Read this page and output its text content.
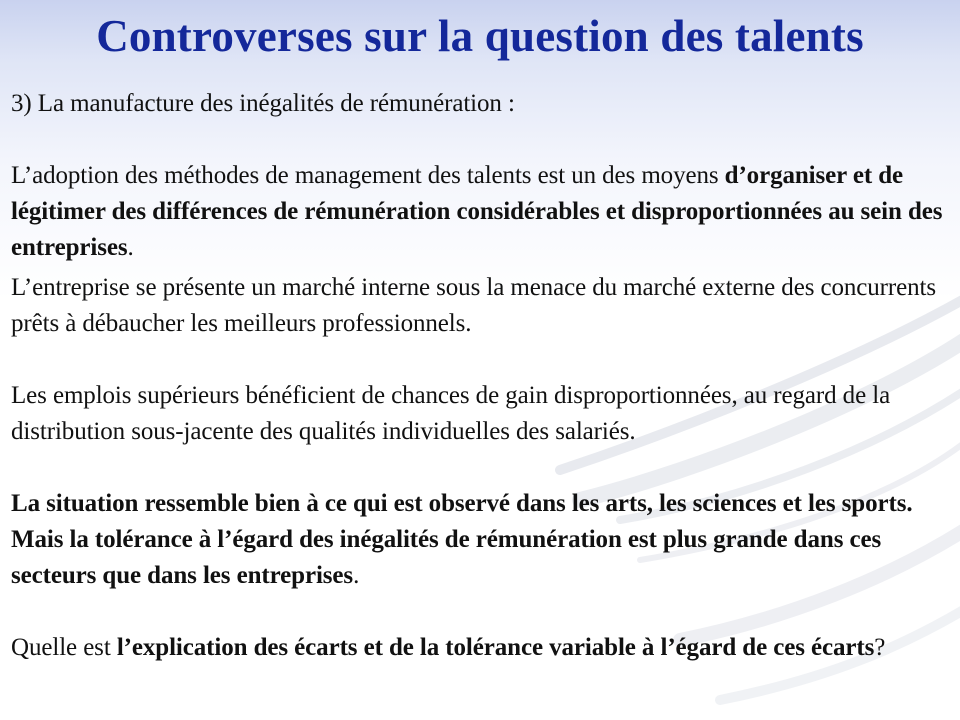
Controverses sur la question des talents

3) La manufacture des inégalités de rémunération :

L’adoption des méthodes de management des talents est un des moyens d’organiser et de légitimer des différences de rémunération considérables et disproportionnées au sein des entreprises.

L’entreprise se présente un marché interne sous la menace du marché externe des concurrents prêts à débaucher les meilleurs professionnels.

Les emplois supérieurs bénéficient de chances de gain disproportionnées, au regard de la distribution sous-jacente des qualités individuelles des salariés.

La situation ressemble bien à ce qui est observé dans les arts, les sciences et les sports. Mais la tolérance à l’égard des inégalités de rémunération est plus grande dans ces secteurs que dans les entreprises.

Quelle est l’explication des écarts et de la tolérance variable à l’égard de ces écarts?
